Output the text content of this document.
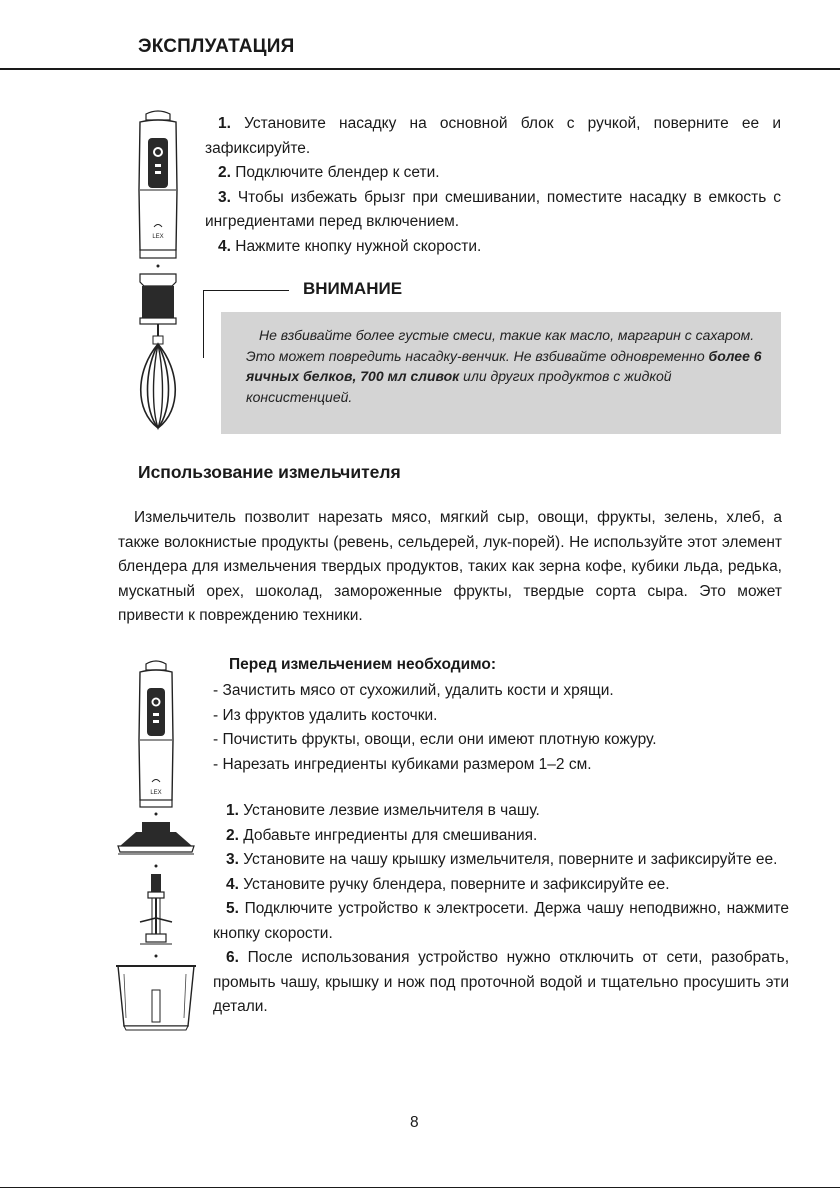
ЭКСПЛУАТАЦИЯ
LEX

1. Установите насадку на основной блок с ручкой, поверните ее и зафиксируйте.

2. Подключите блендер к сети.

3. Чтобы избежать брызг при смешивании, поместите насадку в емкость с ингредиентами перед включением.

4. Нажмите кнопку нужной скорости.

ВНИМАНИЕ
Не взбивайте более густые смеси, такие как масло, маргарин с сахаром. Это может повредить насадку-венчик. Не взбивайте одновременно более 6 яичных белков, 700 мл сливок или других продуктов с жидкой консистенцией.
Использование измельчителя

Измельчитель позволит нарезать мясо, мягкий сыр, овощи, фрукты, зелень, хлеб, а также волокнистые продукты (ревень, сельдерей, лук-порей). Не используйте этот элемент блендера для измельчения твердых продуктов, таких как зерна кофе, кубики льда, редька, мускатный орех, шоколад, замороженные фрукты, твердые сорта сыра. Это может привести к повреждению техники.

LEX
Перед измельчением необходимо:
- Зачистить мясо от сухожилий, удалить кости и хрящи.
- Из фруктов удалить косточки.
- Почистить фрукты, овощи, если они имеют плотную кожуру.
- Нарезать ингредиенты кубиками размером 1–2 см.

1. Установите лезвие измельчителя в чашу.

2. Добавьте ингредиенты для смешивания.

3. Установите на чашу крышку измельчителя, поверните и зафиксируйте ее.

4. Установите ручку блендера, поверните и зафиксируйте ее.

5. Подключите устройство к электросети. Держа чашу неподвижно, нажмите кнопку скорости.

6. После использования устройство нужно отключить от сети, разобрать, промыть чашу, крышку и нож под проточной водой и тщательно просушить эти детали.

8
